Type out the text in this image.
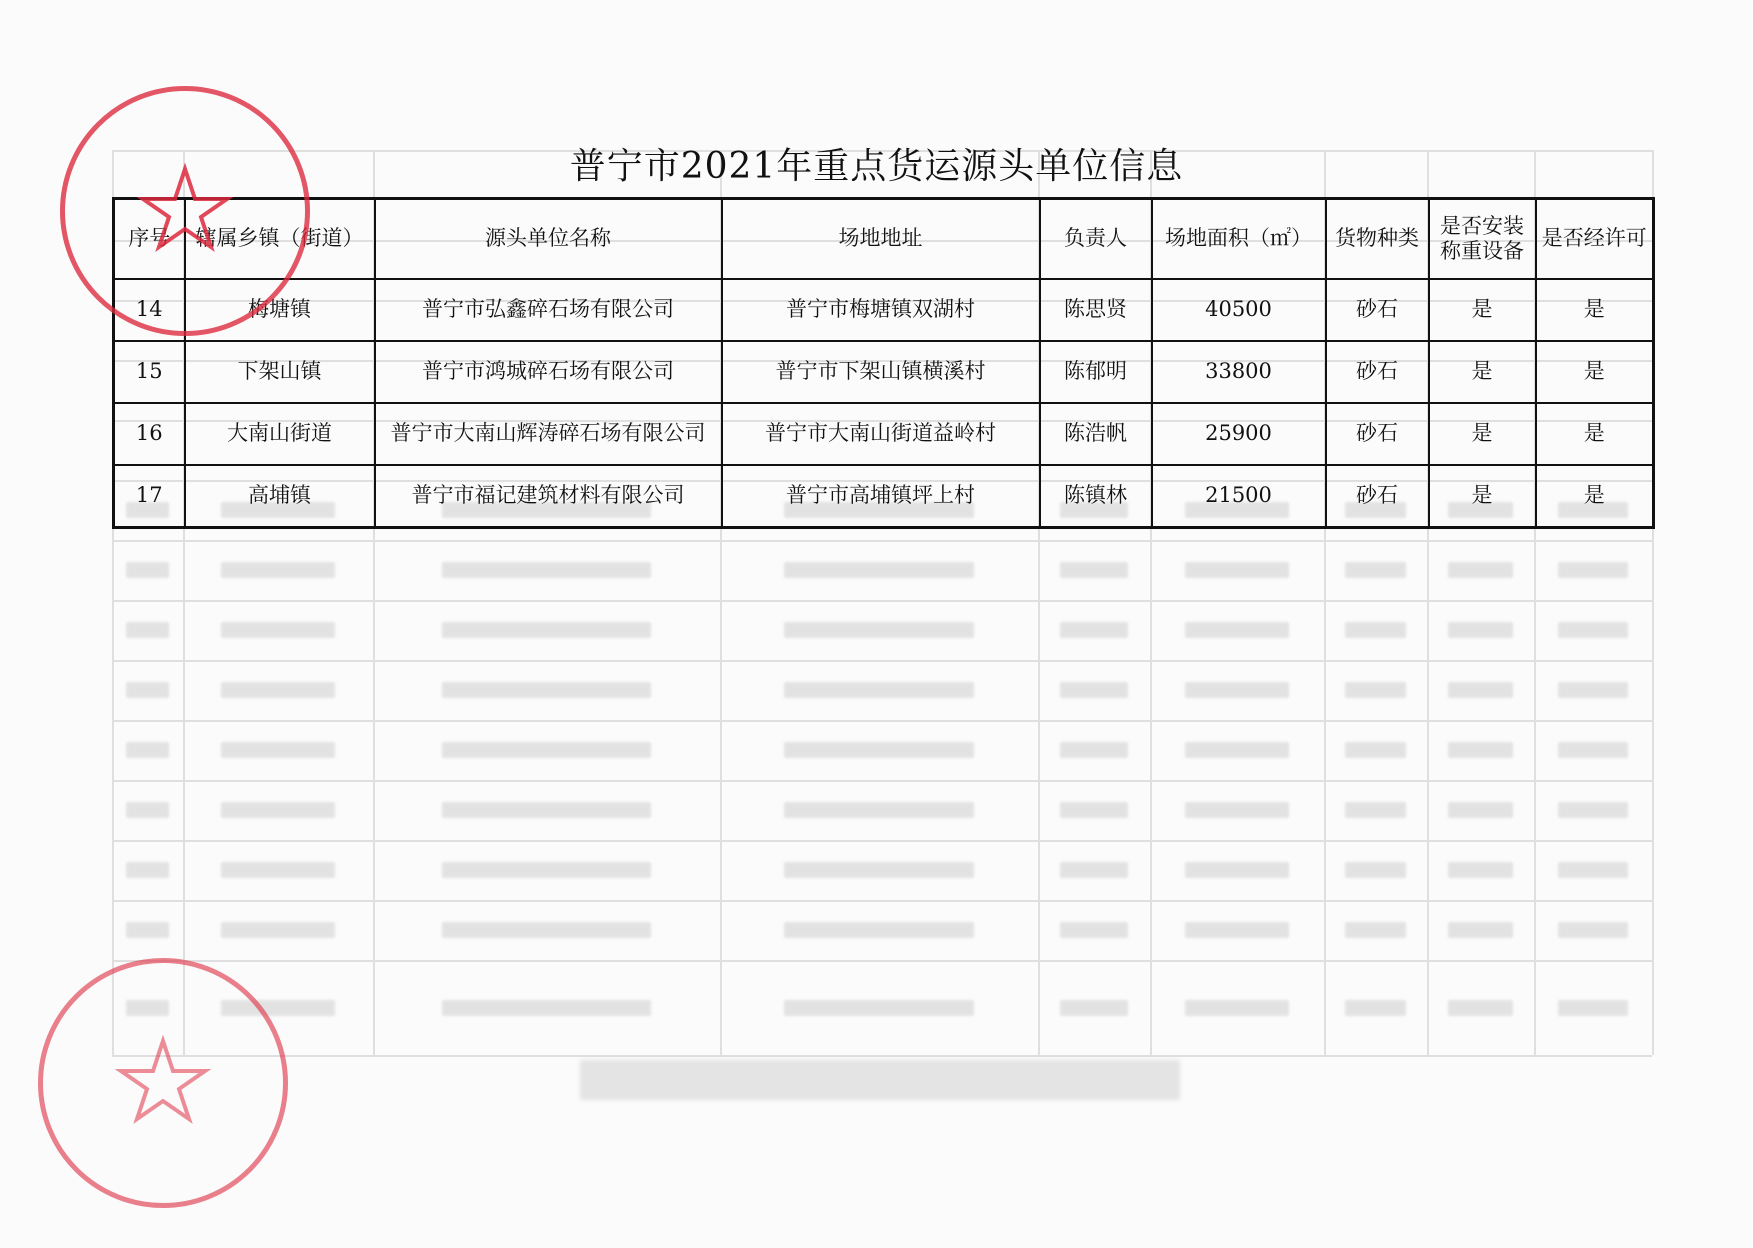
普宁市2021年重点货运源头单位信息
序号	辖属乡镇（街道）	源头单位名称	场地地址	负责人	场地面积（㎡）	货物种类	是否安装称重设备	是否经许可
14	梅塘镇	普宁市弘鑫碎石场有限公司	普宁市梅塘镇双湖村	陈思贤	40500	砂石	是	是
15	下架山镇	普宁市鸿城碎石场有限公司	普宁市下架山镇横溪村	陈郁明	33800	砂石	是	是
16	大南山街道	普宁市大南山辉涛碎石场有限公司	普宁市大南山街道益岭村	陈浩帆	25900	砂石	是	是
17	高埔镇	普宁市福记建筑材料有限公司	普宁市高埔镇坪上村	陈镇林	21500	砂石	是	是
